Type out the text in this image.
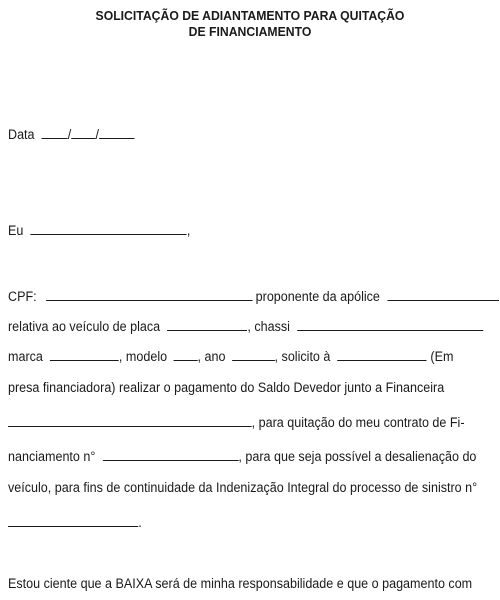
SOLICITAÇÃO DE ADIANTAMENTO PARA QUITAÇÃO
DE FINANCIAMENTO
Data / /
Eu	,
CPF:	proponente da apólice
relativa ao veículo de placa	, chassi
marca	, modelo , ano	, solicito à	(Em
presa financiadora) realizar o pagamento do Saldo Devedor junto a Financeira
, para quitação do meu contrato de Fi-
nanciamento n°	, para que seja possível a desalienação do
veículo, para fins de continuidade da Indenização Integral do processo de sinistro n°
.
Estou ciente que a BAIXA será de minha responsabilidade e que o pagamento com
